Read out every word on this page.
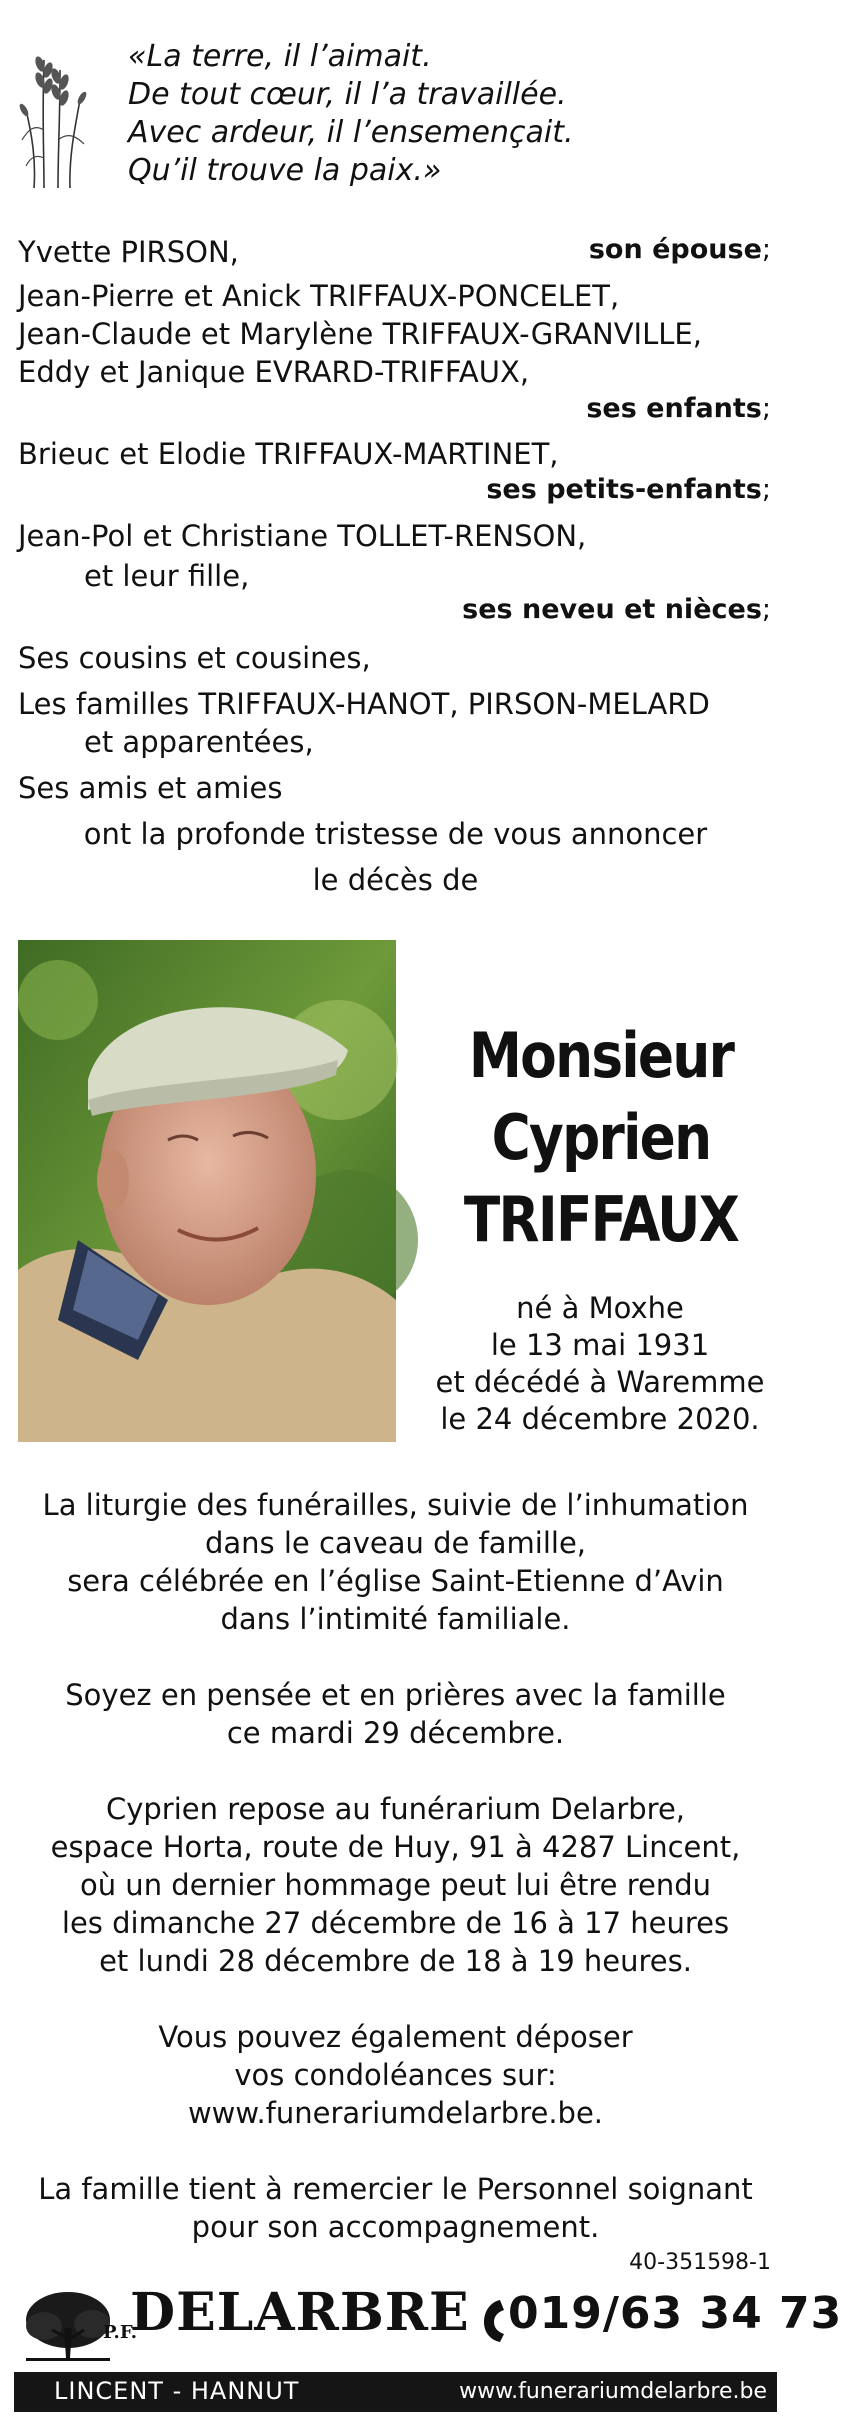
«La terre, il l’aimait.
De tout cœur, il l’a travaillée.
Avec ardeur, il l’ensemençait.
Qu’il trouve la paix.»
Yvette PIRSON,	son épouse;
Jean-Pierre et Anick TRIFFAUX-PONCELET,
Jean-Claude et Marylène TRIFFAUX-GRANVILLE,
Eddy et Janique EVRARD-TRIFFAUX,
ses enfants;
Brieuc et Elodie TRIFFAUX-MARTINET,
ses petits-enfants;
Jean-Pol et Christiane TOLLET-RENSON,
et leur fille,
ses neveu et nièces;
Ses cousins et cousines,
Les familles TRIFFAUX-HANOT, PIRSON-MELARD
et apparentées,
Ses amis et amies
ont la profonde tristesse de vous annoncer
le décès de
Monsieur
Cyprien
TRIFFAUX
né à Moxhe
le 13 mai 1931
et décédé à Waremme
le 24 décembre 2020.
La liturgie des funérailles, suivie de l’inhumation
dans le caveau de famille,
sera célébrée en l’église Saint-Etienne d’Avin
dans l’intimité familiale.
Soyez en pensée et en prières avec la famille
ce mardi 29 décembre.
Cyprien repose au funérarium Delarbre,
espace Horta, route de Huy, 91 à 4287 Lincent,
où un dernier hommage peut lui être rendu
les dimanche 27 décembre de 16 à 17 heures
et lundi 28 décembre de 18 à 19 heures.
Vous pouvez également déposer
vos condoléances sur:
www.funerariumdelarbre.be.
La famille tient à remercier le Personnel soignant
pour son accompagnement.
40-351598-1
P.F.
DELARBRE 019/63 34 73
LINCENT - HANNUT	www.funerariumdelarbre.be
